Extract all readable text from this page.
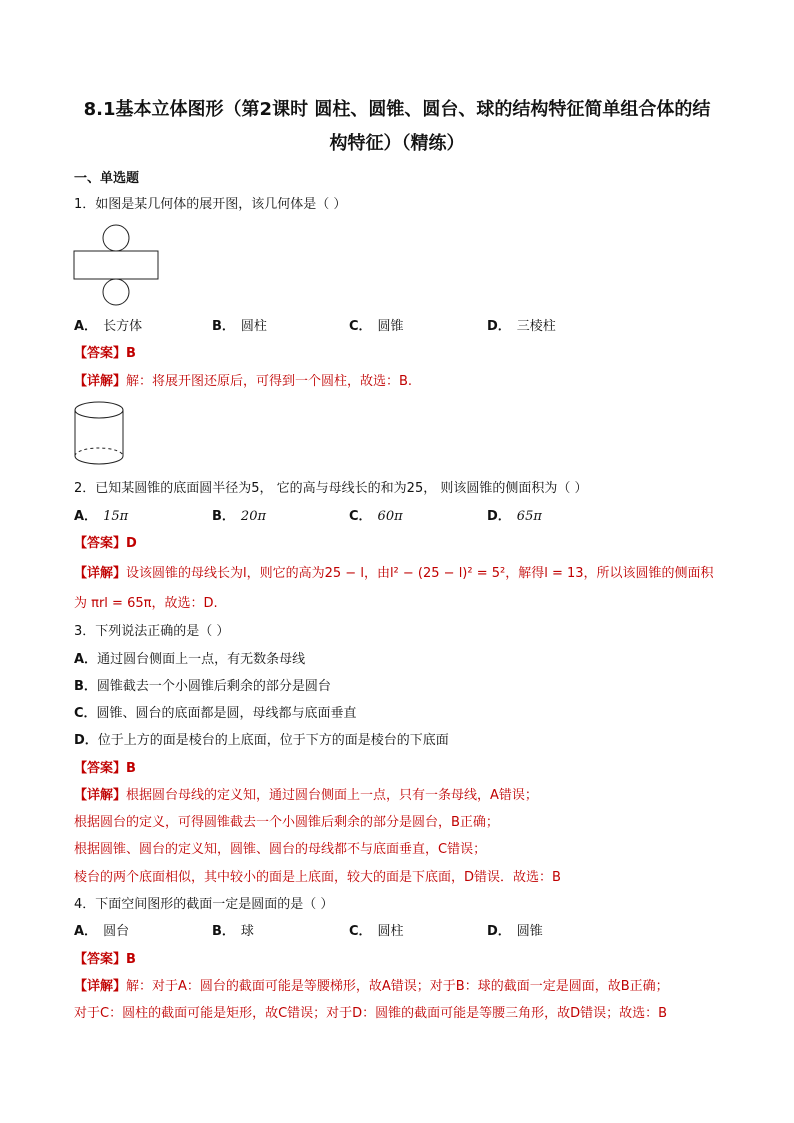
8.1基本立体图形（第2课时 圆柱、圆锥、圆台、球的结构特征简单组合体的结
构特征）（精练）
一、单选题
1．如图是某几何体的展开图，该几何体是（ ）
A． 长方体	B． 圆柱	C． 圆锥	D． 三棱柱
【答案】B
【详解】解：将展开图还原后，可得到一个圆柱，故选：B.
2．已知某圆锥的底面圆半径为5， 它的高与母线长的和为25， 则该圆锥的侧面积为（ ）
A． 15π	B． 20π	C． 60π	D． 65π
【答案】D
【详解】设该圆锥的母线长为l，则它的高为25 − l，由l² − (25 − l)² = 5²，解得l = 13，所以该圆锥的侧面积
为 πrl = 65π，故选：D.
3．下列说法正确的是（ ）
A．通过圆台侧面上一点，有无数条母线
B．圆锥截去一个小圆锥后剩余的部分是圆台
C．圆锥、圆台的底面都是圆，母线都与底面垂直
D．位于上方的面是棱台的上底面，位于下方的面是棱台的下底面
【答案】B
【详解】根据圆台母线的定义知，通过圆台侧面上一点，只有一条母线，A错误；
根据圆台的定义，可得圆锥截去一个小圆锥后剩余的部分是圆台，B正确；
根据圆锥、圆台的定义知，圆锥、圆台的母线都不与底面垂直，C错误；
棱台的两个底面相似，其中较小的面是上底面，较大的面是下底面，D错误．故选：B
4．下面空间图形的截面一定是圆面的是（ ）
A． 圆台	B． 球	C． 圆柱	D． 圆锥
【答案】B
【详解】解：对于A：圆台的截面可能是等腰梯形，故A错误；对于B：球的截面一定是圆面，故B正确；
对于C：圆柱的截面可能是矩形，故C错误；对于D：圆锥的截面可能是等腰三角形，故D错误；故选：B
